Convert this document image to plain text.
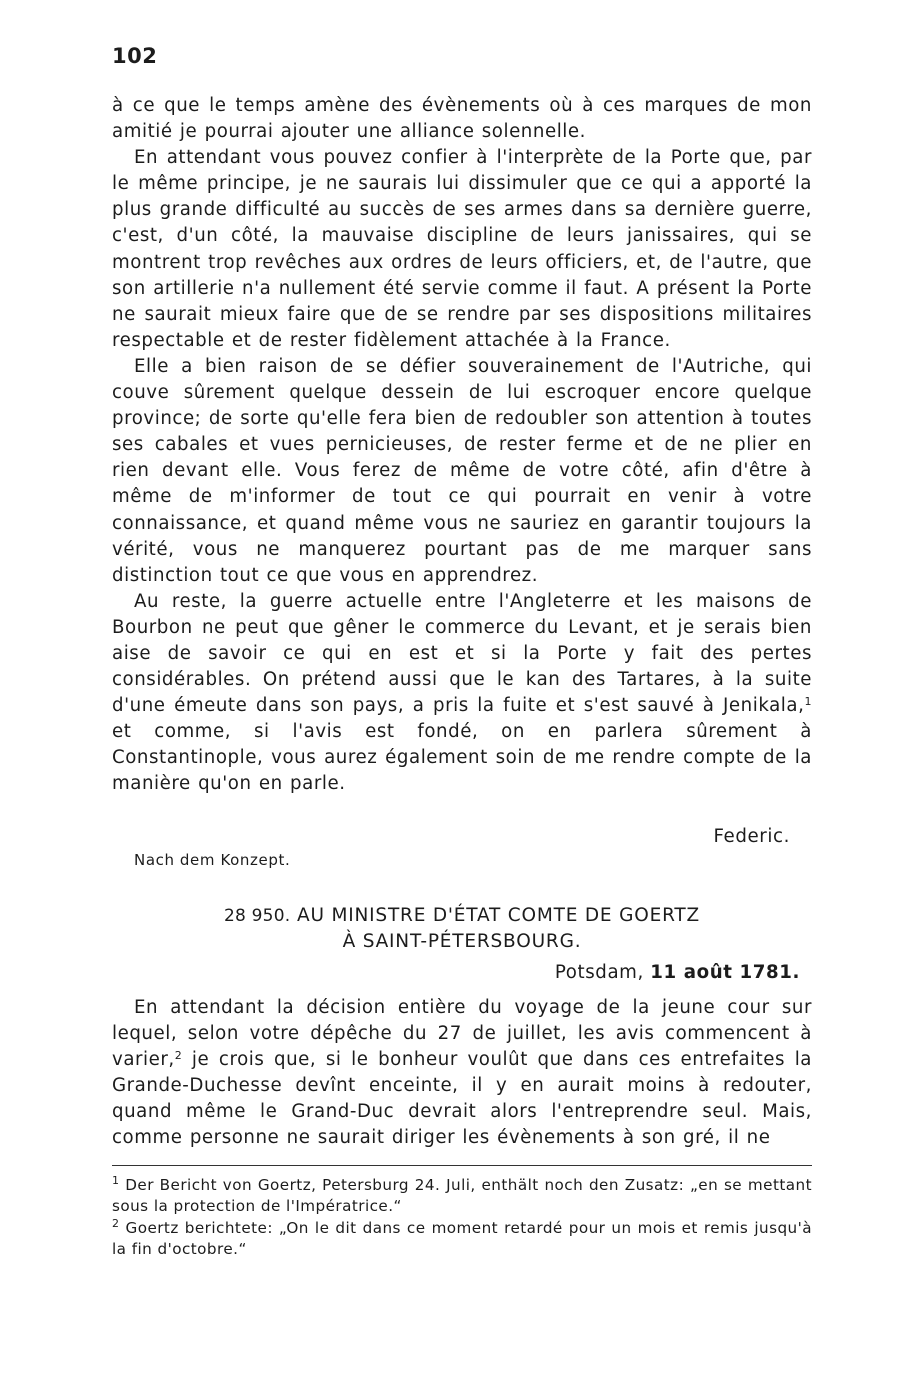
102

à ce que le temps amène des évènements où à ces marques de mon amitié je pourrai ajouter une alliance solennelle.

En attendant vous pouvez confier à l'interprète de la Porte que, par le même principe, je ne saurais lui dissimuler que ce qui a apporté la plus grande difficulté au succès de ses armes dans sa dernière guerre, c'est, d'un côté, la mauvaise discipline de leurs janissaires, qui se montrent trop revêches aux ordres de leurs officiers, et, de l'autre, que son artillerie n'a nullement été servie comme il faut. A présent la Porte ne saurait mieux faire que de se rendre par ses dispositions militaires respectable et de rester fidèlement attachée à la France.

Elle a bien raison de se défier souverainement de l'Autriche, qui couve sûrement quelque dessein de lui escroquer encore quelque province; de sorte qu'elle fera bien de redoubler son attention à toutes ses cabales et vues pernicieuses, de rester ferme et de ne plier en rien devant elle. Vous ferez de même de votre côté, afin d'être à même de m'informer de tout ce qui pourrait en venir à votre connaissance, et quand même vous ne sauriez en garantir toujours la vérité, vous ne manquerez pourtant pas de me marquer sans distinction tout ce que vous en apprendrez.

Au reste, la guerre actuelle entre l'Angleterre et les maisons de Bourbon ne peut que gêner le commerce du Levant, et je serais bien aise de savoir ce qui en est et si la Porte y fait des pertes considérables. On prétend aussi que le kan des Tartares, à la suite d'une émeute dans son pays, a pris la fuite et s'est sauvé à Jenikala,$^1$ et comme, si l'avis est fondé, on en parlera sûrement à Constantinople, vous aurez également soin de me rendre compte de la manière qu'on en parle.

Federic.
Nach dem Konzept.
28 950. AU MINISTRE D'ÉTAT COMTE DE GOERTZ
À SAINT-PÉTERSBOURG.
Potsdam, 11 août 1781.

En attendant la décision entière du voyage de la jeune cour sur lequel, selon votre dépêche du 27 de juillet, les avis commencent à varier,$^2$ je crois que, si le bonheur voulût que dans ces entrefaites la Grande-Duchesse devînt enceinte, il y en aurait moins à redouter, quand même le Grand-Duc devrait alors l'entreprendre seul. Mais, comme personne ne saurait diriger les évènements à son gré, il ne

$^1$ Der Bericht von Goertz, Petersburg 24. Juli, enthält noch den Zusatz: „en se mettant sous la protection de l'Impératrice.“

$^2$ Goertz berichtete: „On le dit dans ce moment retardé pour un mois et remis jusqu'à la fin d'octobre.“
